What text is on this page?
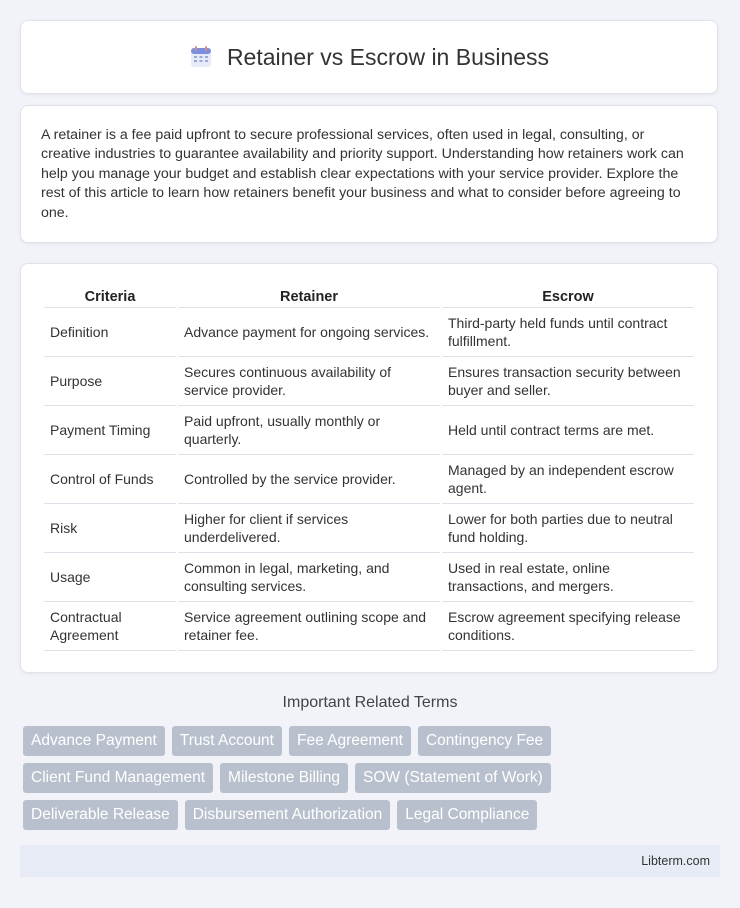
Retainer vs Escrow in Business

A retainer is a fee paid upfront to secure professional services, often used in legal, consulting, or creative industries to guarantee availability and priority support. Understanding how retainers work can help you manage your budget and establish clear expectations with your service provider. Explore the rest of this article to learn how retainers benefit your business and what to consider before agreeing to one.

Criteria	Retainer	Escrow
Definition	Advance payment for ongoing services.	Third-party held funds until contract fulfillment.
Purpose	Secures continuous availability of service provider.	Ensures transaction security between buyer and seller.
Payment Timing	Paid upfront, usually monthly or quarterly.	Held until contract terms are met.
Control of Funds	Controlled by the service provider.	Managed by an independent escrow agent.
Risk	Higher for client if services underdelivered.	Lower for both parties due to neutral fund holding.
Usage	Common in legal, marketing, and consulting services.	Used in real estate, online transactions, and mergers.
Contractual Agreement	Service agreement outlining scope and retainer fee.	Escrow agreement specifying release conditions.
Important Related Terms
Advance Payment	Trust Account	Fee Agreement	Contingency Fee
Client Fund Management	Milestone Billing	SOW (Statement of Work)
Deliverable Release	Disbursement Authorization	Legal Compliance
Libterm.com
